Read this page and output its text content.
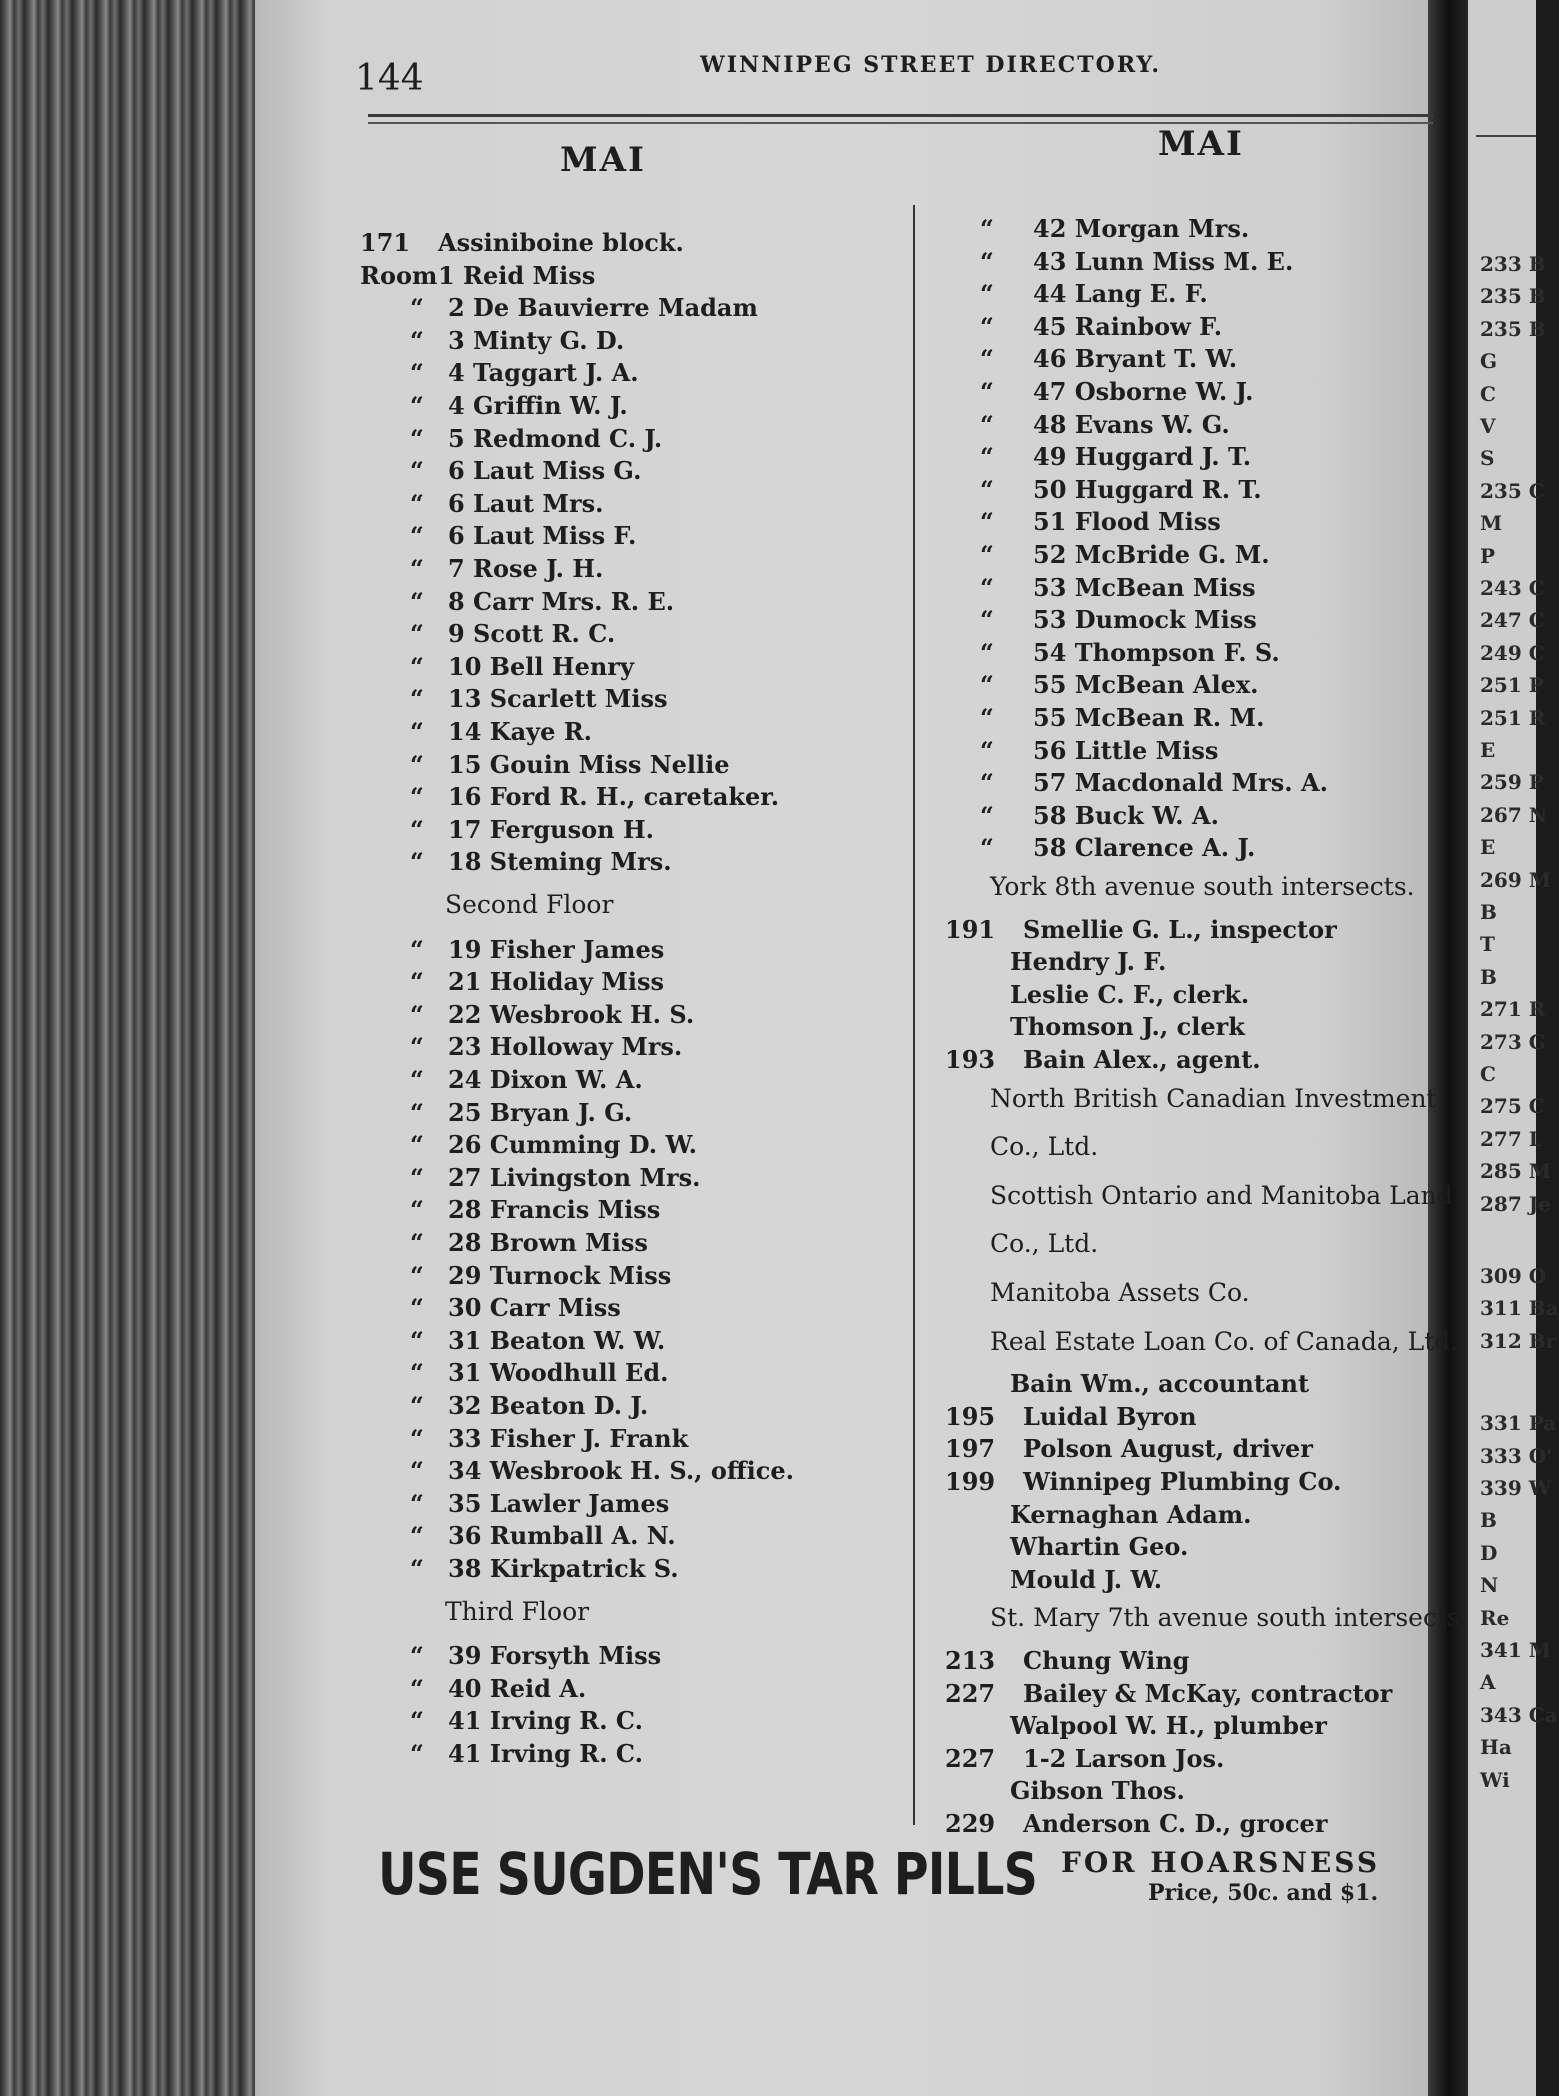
233 B
235 B
235 B
G
C
V
S
235 C
M
P
243 C
247 C
249 C
251 P
251 R
E
259 P
267 N
E
269 M
B
T
B
271 R
273 G
C
275 C
277 L
285 M
287 Je
309 O
311 Ba
312 Br
331 Pa
333 O'
339 W
B
D
N
Re
341 M
A
343 Ca
Ha
Wi
144	WINNIPEG STREET DIRECTORY.
MAI	MAI
171 Assiniboine block.
Room 1 Reid Miss
“ 2 De Bauvierre Madam
“ 3 Minty G. D.
“ 4 Taggart J. A.
“ 4 Griffin W. J.
“ 5 Redmond C. J.
“ 6 Laut Miss G.
“ 6 Laut Mrs.
“ 6 Laut Miss F.
“ 7 Rose J. H.
“ 8 Carr Mrs. R. E.
“ 9 Scott R. C.
“ 10 Bell Henry
“ 13 Scarlett Miss
“ 14 Kaye R.
“ 15 Gouin Miss Nellie
“ 16 Ford R. H., caretaker.
“ 17 Ferguson H.
“ 18 Steming Mrs.
Second Floor
“ 19 Fisher James
“ 21 Holiday Miss
“ 22 Wesbrook H. S.
“ 23 Holloway Mrs.
“ 24 Dixon W. A.
“ 25 Bryan J. G.
“ 26 Cumming D. W.
“ 27 Livingston Mrs.
“ 28 Francis Miss
“ 28 Brown Miss
“ 29 Turnock Miss
“ 30 Carr Miss
“ 31 Beaton W. W.
“ 31 Woodhull Ed.
“ 32 Beaton D. J.
“ 33 Fisher J. Frank
“ 34 Wesbrook H. S., office.
“ 35 Lawler James
“ 36 Rumball A. N.
“ 38 Kirkpatrick S.
Third Floor
“ 39 Forsyth Miss
“ 40 Reid A.
“ 41 Irving R. C.
“ 41 Irving R. C.
“ 42 Morgan Mrs.
“ 43 Lunn Miss M. E.
“ 44 Lang E. F.
“ 45 Rainbow F.
“ 46 Bryant T. W.
“ 47 Osborne W. J.
“ 48 Evans W. G.
“ 49 Huggard J. T.
“ 50 Huggard R. T.
“ 51 Flood Miss
“ 52 McBride G. M.
“ 53 McBean Miss
“ 53 Dumock Miss
“ 54 Thompson F. S.
“ 55 McBean Alex.
“ 55 McBean R. M.
“ 56 Little Miss
“ 57 Macdonald Mrs. A.
“ 58 Buck W. A.
“ 58 Clarence A. J.
York 8th avenue south intersects.
191 Smellie G. L., inspector
Hendry J. F.
Leslie C. F., clerk.
Thomson J., clerk
193 Bain Alex., agent.
North British Canadian Investment
Co., Ltd.
Scottish Ontario and Manitoba Land
Co., Ltd.
Manitoba Assets Co.
Real Estate Loan Co. of Canada, Ltd.
Bain Wm., accountant
195 Luidal Byron
197 Polson August, driver
199 Winnipeg Plumbing Co.
Kernaghan Adam.
Whartin Geo.
Mould J. W.
St. Mary 7th avenue south intersects.
213 Chung Wing
227 Bailey & McKay, contractor
Walpool W. H., plumber
227 1-2 Larson Jos.
Gibson Thos.
229 Anderson C. D., grocer
USE SUGDEN'S TAR PILLS FOR HOARSNESS
Price, 50c. and $1.
